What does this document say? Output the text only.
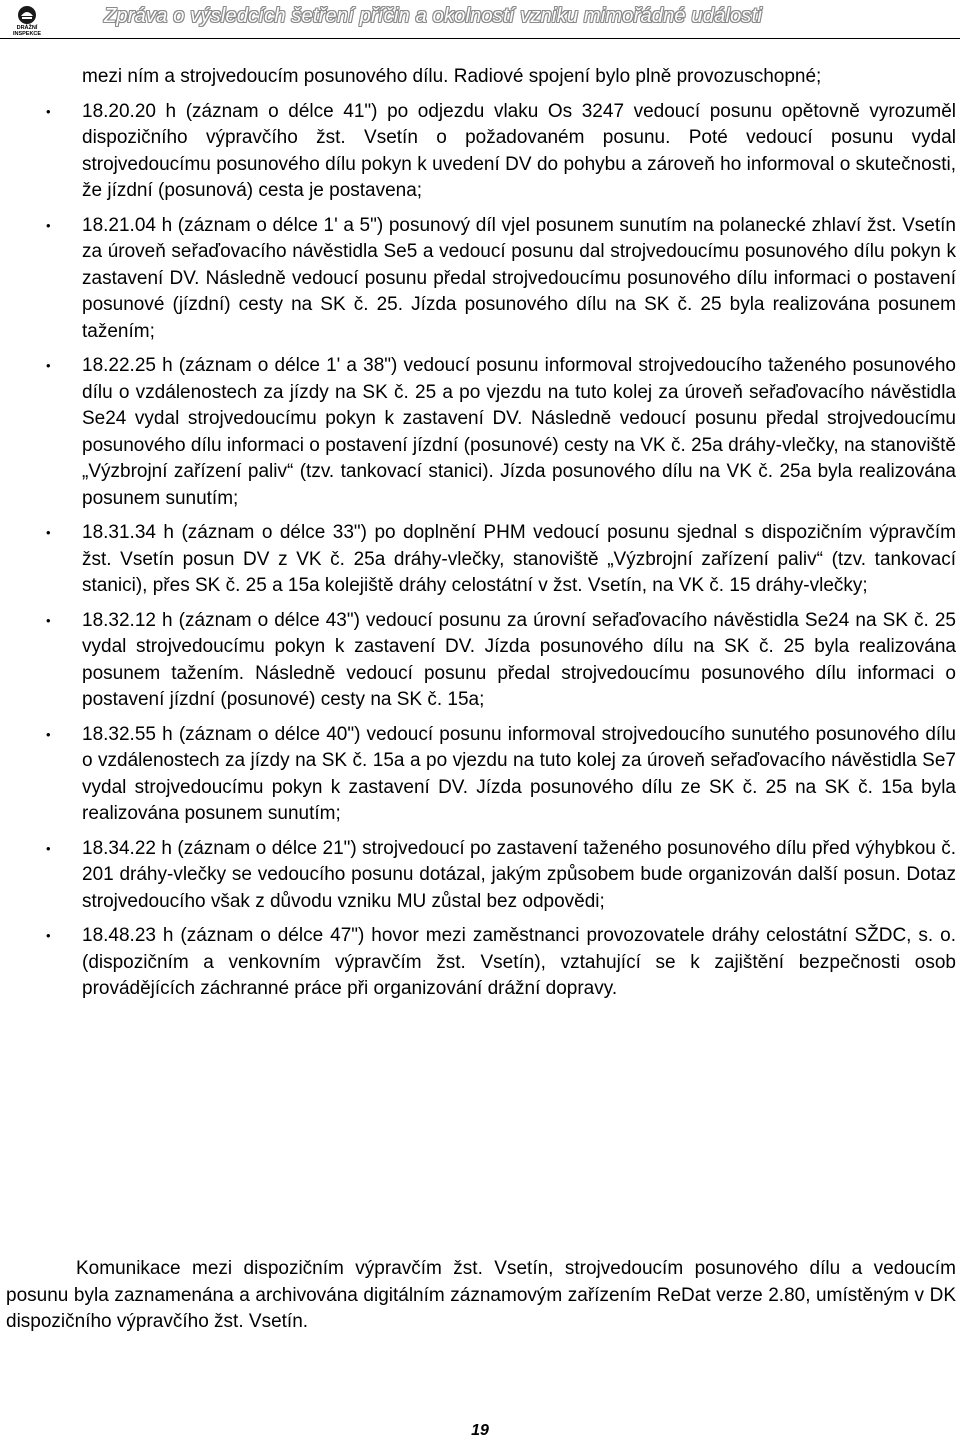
DRÁŽNÍ
INSPEKCE
Zpráva o výsledcích šetření příčin a okolností vzniku mimořádné události
mezi ním a strojvedoucím posunového dílu. Radiové spojení bylo plně provozuschopné;
• 18.20.20 h (záznam o délce 41") po odjezdu vlaku Os 3247 vedoucí posunu opětovně vyrozuměl dispozičního výpravčího žst. Vsetín o požadovaném posunu. Poté vedoucí posunu vydal strojvedoucímu posunového dílu pokyn k uvedení DV do pohybu a zároveň ho informoval o skutečnosti, že jízdní (posunová) cesta je postavena;
• 18.21.04 h (záznam o délce 1' a 5") posunový díl vjel posunem sunutím na polanecké zhlaví žst. Vsetín za úroveň seřaďovacího návěstidla Se5 a vedoucí posunu dal strojvedoucímu posunového dílu pokyn k zastavení DV. Následně vedoucí posunu předal strojvedoucímu posunového dílu informaci o postavení posunové (jízdní) cesty na SK č. 25. Jízda posunového dílu na SK č. 25 byla realizována posunem tažením;
• 18.22.25 h (záznam o délce 1' a 38") vedoucí posunu informoval strojvedoucího taženého posunového dílu o vzdálenostech za jízdy na SK č. 25 a po vjezdu na tuto kolej za úroveň seřaďovacího návěstidla Se24 vydal strojvedoucímu pokyn k zastavení DV. Následně vedoucí posunu předal strojvedoucímu posunového dílu informaci o postavení jízdní (posunové) cesty na VK č. 25a dráhy-vlečky, na stanoviště „Výzbrojní zařízení paliv“ (tzv. tankovací stanici). Jízda posunového dílu na VK č. 25a byla realizována posunem sunutím;
• 18.31.34 h (záznam o délce 33") po doplnění PHM vedoucí posunu sjednal s dispozičním výpravčím žst. Vsetín posun DV z VK č. 25a dráhy-vlečky, stanoviště „Výzbrojní zařízení paliv“ (tzv. tankovací stanici), přes SK č. 25 a 15a kolejiště dráhy celostátní v žst. Vsetín, na VK č. 15 dráhy-vlečky;
• 18.32.12 h (záznam o délce 43") vedoucí posunu za úrovní seřaďovacího návěstidla Se24 na SK č. 25 vydal strojvedoucímu pokyn k zastavení DV. Jízda posunového dílu na SK č. 25 byla realizována posunem tažením. Následně vedoucí posunu předal strojvedoucímu posunového dílu informaci o postavení jízdní (posunové) cesty na SK č. 15a;
• 18.32.55 h (záznam o délce 40") vedoucí posunu informoval strojvedoucího sunutého posunového dílu o vzdálenostech za jízdy na SK č. 15a a po vjezdu na tuto kolej za úroveň seřaďovacího návěstidla Se7 vydal strojvedoucímu pokyn k zastavení DV. Jízda posunového dílu ze SK č. 25 na SK č. 15a byla realizována posunem sunutím;
• 18.34.22 h (záznam o délce 21") strojvedoucí po zastavení taženého posunového dílu před výhybkou č. 201 dráhy-vlečky se vedoucího posunu dotázal, jakým způsobem bude organizován další posun. Dotaz strojvedoucího však z důvodu vzniku MU zůstal bez odpovědi;
• 18.48.23 h (záznam o délce 47") hovor mezi zaměstnanci provozovatele dráhy celostátní SŽDC, s. o. (dispozičním a venkovním výpravčím žst. Vsetín), vztahující se k zajištění bezpečnosti osob provádějících záchranné práce při organizování drážní dopravy.

Komunikace mezi dispozičním výpravčím žst. Vsetín, strojvedoucím posunového dílu a vedoucím posunu byla zaznamenána a archivována digitálním záznamovým zařízením ReDat verze 2.80, umístěným v DK dispozičního výpravčího žst. Vsetín.

19
